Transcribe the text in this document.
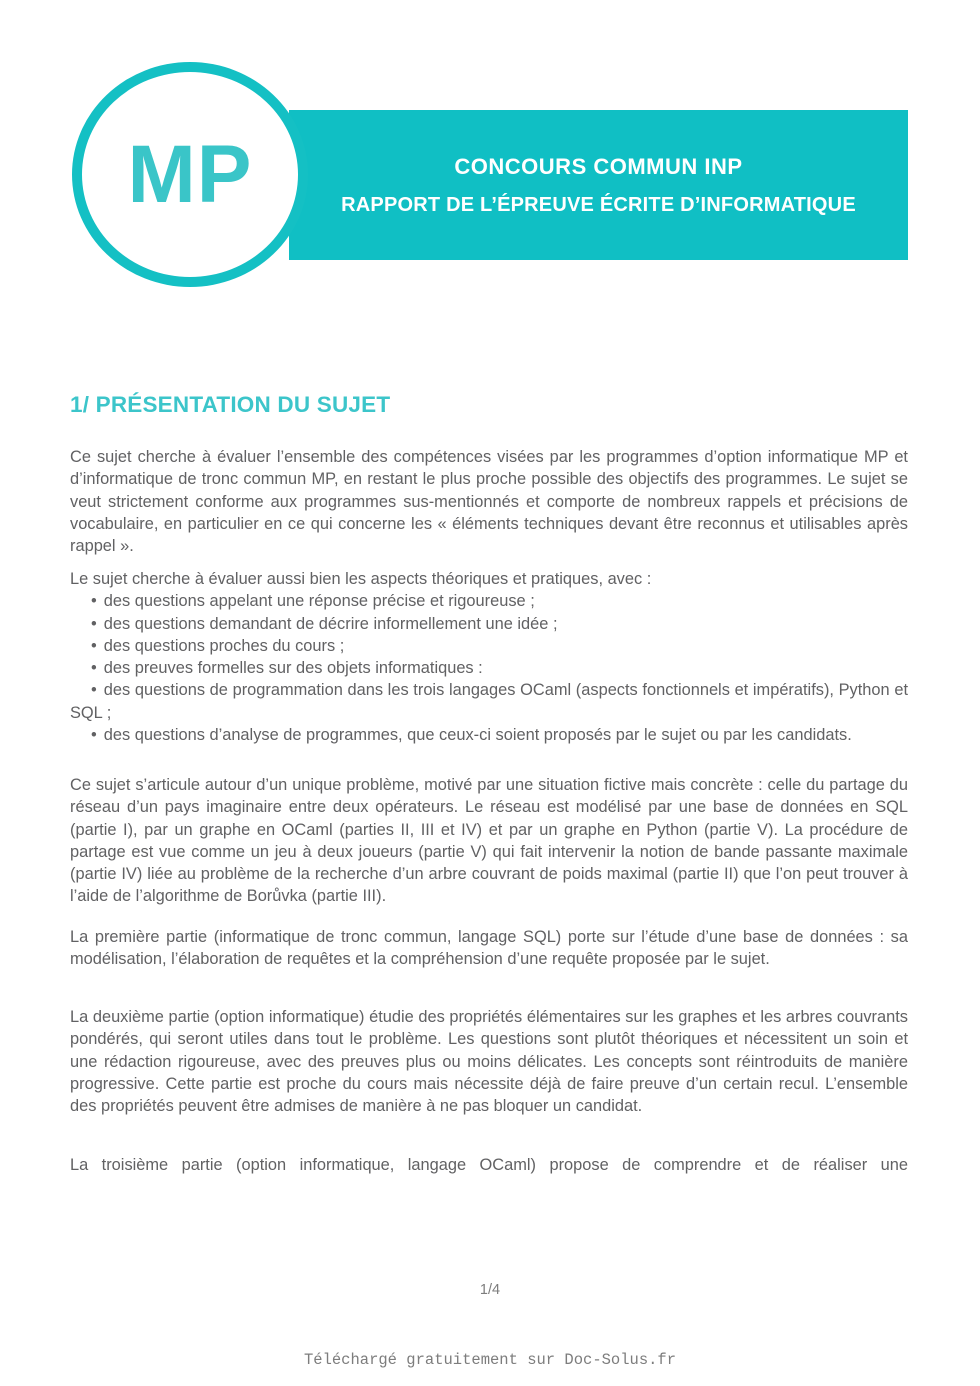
CONCOURS COMMUN INP
RAPPORT DE L’ÉPREUVE ÉCRITE D’INFORMATIQUE
MP
1/ PRÉSENTATION DU SUJET
Ce sujet cherche à évaluer l’ensemble des compétences visées par les programmes d’option informatique MP et d’informatique de tronc commun MP, en restant le plus proche possible des objectifs des programmes. Le sujet se veut strictement conforme aux programmes sus-mentionnés et comporte de nombreux rappels et précisions de vocabulaire, en particulier en ce qui concerne les « éléments techniques devant être reconnus et utilisables après rappel ».
Le sujet cherche à évaluer aussi bien les aspects théoriques et pratiques, avec :
• des questions appelant une réponse précise et rigoureuse ;
• des questions demandant de décrire informellement une idée ;
• des questions proches du cours ;
• des preuves formelles sur des objets informatiques :
• des questions de programmation dans les trois langages OCaml (aspects fonctionnels et impératifs), Python et SQL ;
• des questions d’analyse de programmes, que ceux-ci soient proposés par le sujet ou par les candidats.
Ce sujet s’articule autour d’un unique problème, motivé par une situation fictive mais concrète : celle du partage du réseau d’un pays imaginaire entre deux opérateurs. Le réseau est modélisé par une base de données en SQL (partie I), par un graphe en OCaml (parties II, III et IV) et par un graphe en Python (partie V). La procédure de partage est vue comme un jeu à deux joueurs (partie V) qui fait intervenir la notion de bande passante maximale (partie IV) liée au problème de la recherche d’un arbre couvrant de poids maximal (partie II) que l’on peut trouver à l’aide de l’algorithme de Borůvka (partie III).
La première partie (informatique de tronc commun, langage SQL) porte sur l’étude d’une base de données : sa modélisation, l’élaboration de requêtes et la compréhension d’une requête proposée par le sujet.
La deuxième partie (option informatique) étudie des propriétés élémentaires sur les graphes et les arbres couvrants pondérés, qui seront utiles dans tout le problème. Les questions sont plutôt théoriques et nécessitent un soin et une rédaction rigoureuse, avec des preuves plus ou moins délicates. Les concepts sont réintroduits de manière progressive. Cette partie est proche du cours mais nécessite déjà de faire preuve d’un certain recul. L’ensemble des propriétés peuvent être admises de manière à ne pas bloquer un candidat.
La troisième partie (option informatique, langage OCaml) propose de comprendre et de réaliser une
1/4
Téléchargé gratuitement sur Doc-Solus.fr
